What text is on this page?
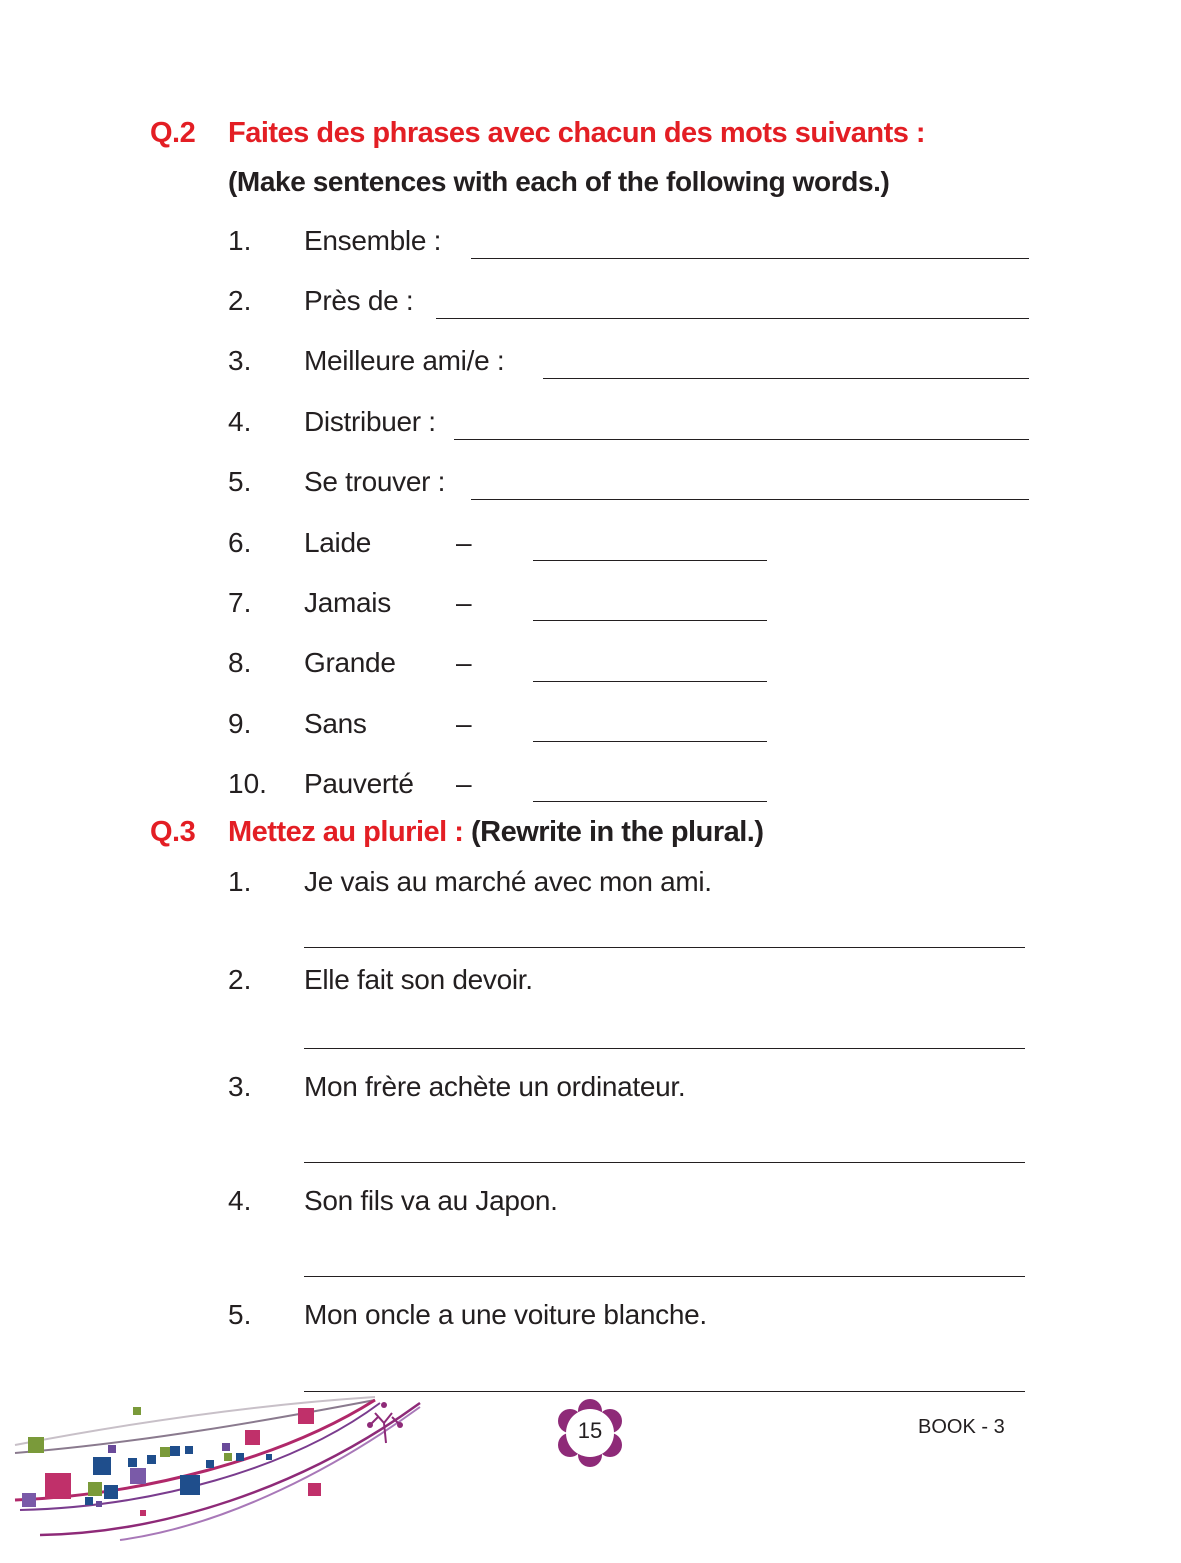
Q.2 Faites des phrases avec chacun des mots suivants :
(Make sentences with each of the following words.)
1. Ensemble :
2. Près de :
3. Meilleure ami/e :
4. Distribuer :
5. Se trouver :
6. Laide	–
7. Jamais –
8. Grande –
9. Sans	–
10. Pauverté –
Q.3 Mettez au pluriel : (Rewrite in the plural.)
1. Je vais au marché avec mon ami.
2. Elle fait son devoir.
3. Mon frère achète un ordinateur.
4. Son fils va au Japon.
5. Mon oncle a une voiture blanche.
15	BOOK - 3
